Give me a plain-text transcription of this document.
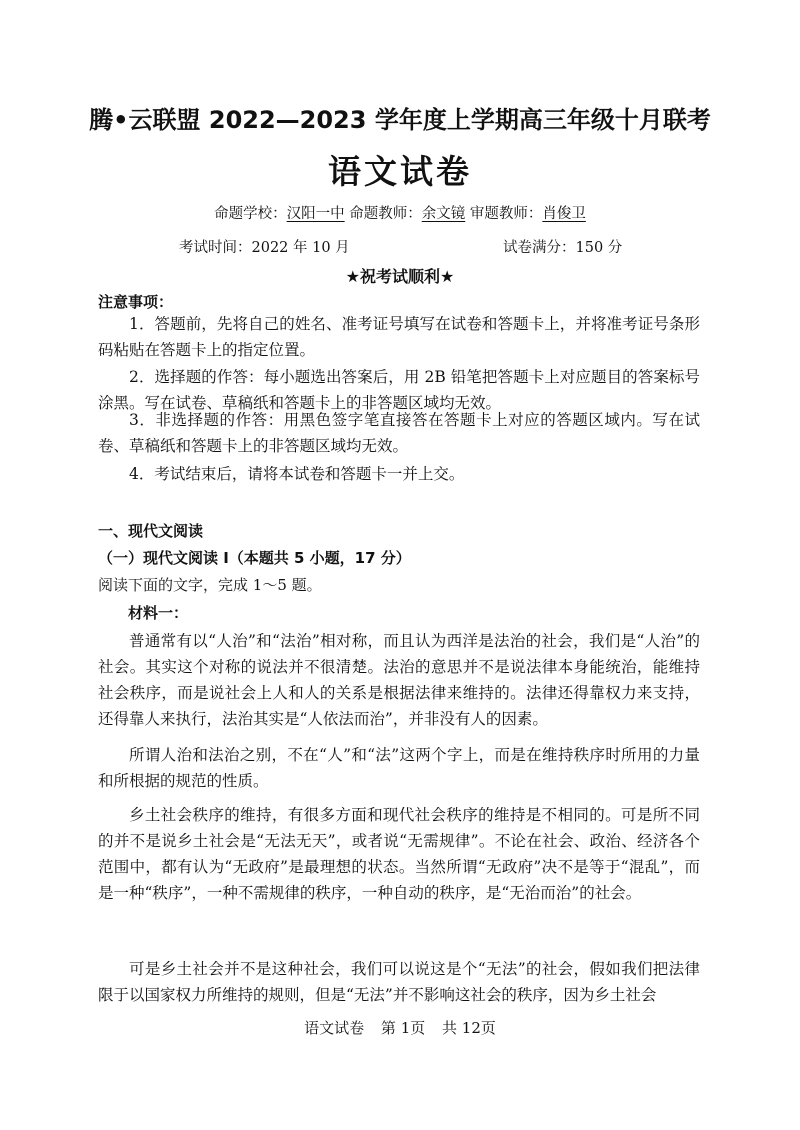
腾•云联盟 2022—2023 学年度上学期高三年级十月联考
语文试卷
命题学校：汉阳一中 命题教师：余文镜 审题教师：肖俊卫
考试时间：2022 年 10 月	试卷满分：150 分
★祝考试顺利★
注意事项：
1．答题前，先将自己的姓名、准考证号填写在试卷和答题卡上，并将准考证号条形码粘贴在答题卡上的指定位置。
2．选择题的作答：每小题选出答案后，用 2B 铅笔把答题卡上对应题目的答案标号涂黑。写在试卷、草稿纸和答题卡上的非答题区域均无效。
3．非选择题的作答：用黑色签字笔直接答在答题卡上对应的答题区域内。写在试卷、草稿纸和答题卡上的非答题区域均无效。
4．考试结束后，请将本试卷和答题卡一并上交。
一、现代文阅读
（一）现代文阅读 I（本题共 5 小题，17 分）
阅读下面的文字，完成 1～5 题。
材料一：
普通常有以“人治”和“法治”相对称，而且认为西洋是法治的社会，我们是“人治”的社会。其实这个对称的说法并不很清楚。法治的意思并不是说法律本身能统治，能维持社会秩序，而是说社会上人和人的关系是根据法律来维持的。法律还得靠权力来支持，还得靠人来执行，法治其实是“人依法而治”，并非没有人的因素。
所谓人治和法治之别，不在“人”和“法”这两个字上，而是在维持秩序时所用的力量和所根据的规范的性质。
乡土社会秩序的维持，有很多方面和现代社会秩序的维持是不相同的。可是所不同的并不是说乡土社会是“无法无天”，或者说“无需规律”。不论在社会、政治、经济各个范围中，都有认为“无政府”是最理想的状态。当然所谓“无政府”决不是等于“混乱”，而是一种“秩序”，一种不需规律的秩序，一种自动的秩序，是“无治而治”的社会。
可是乡土社会并不是这种社会，我们可以说这是个“无法”的社会，假如我们把法律限于以国家权力所维持的规则，但是“无法”并不影响这社会的秩序，因为乡土社会
语文试卷 第 1页 共 12页
